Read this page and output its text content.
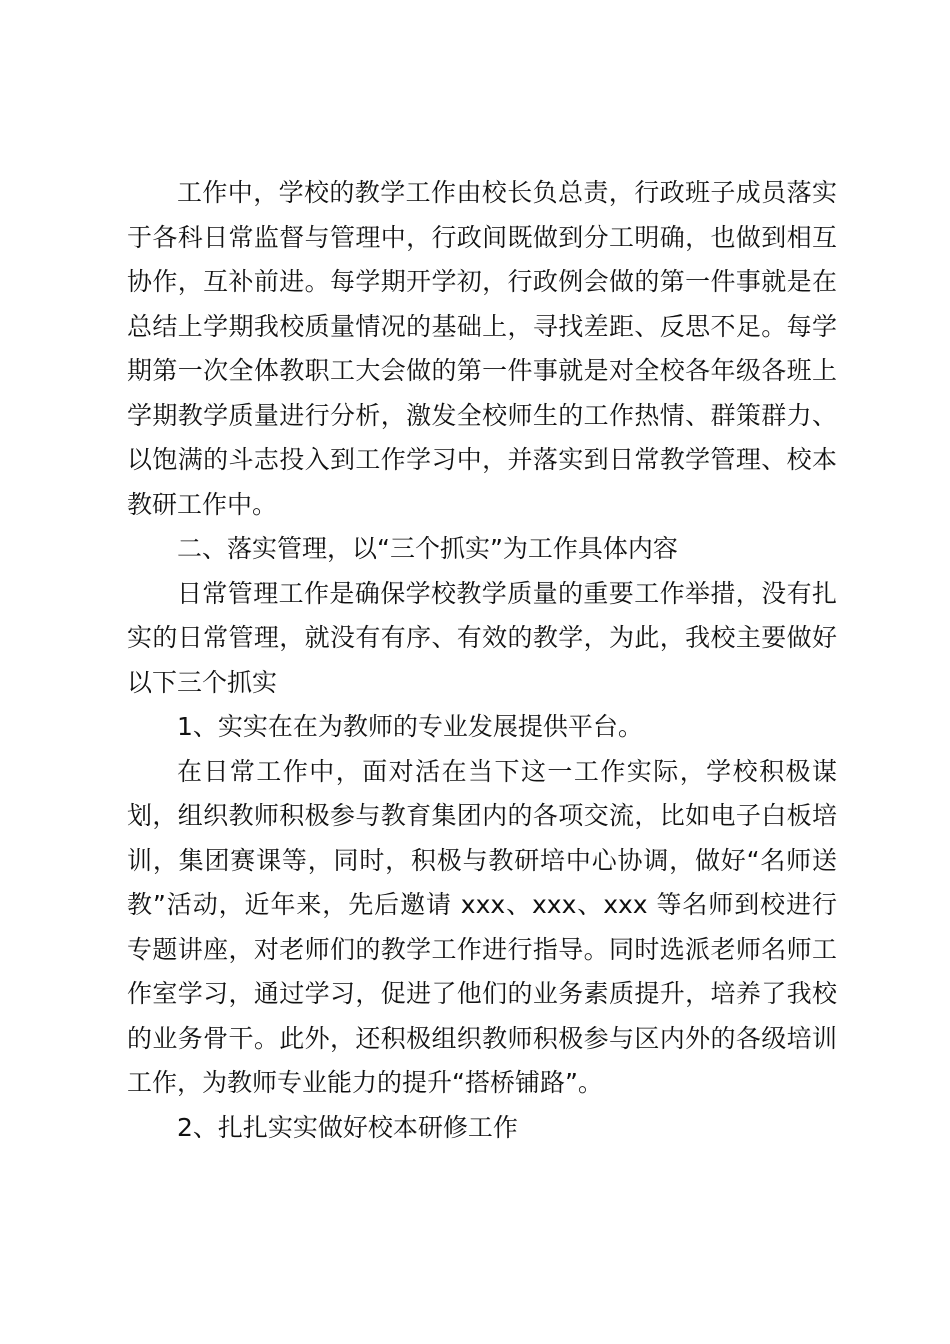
工作中，学校的教学工作由校长负总责，行政班子成员落实于各科日常监督与管理中，行政间既做到分工明确，也做到相互协作，互补前进。每学期开学初，行政例会做的第一件事就是在总结上学期我校质量情况的基础上，寻找差距、反思不足。每学期第一次全体教职工大会做的第一件事就是对全校各年级各班上学期教学质量进行分析，激发全校师生的工作热情、群策群力、以饱满的斗志投入到工作学习中，并落实到日常教学管理、校本教研工作中。

二、落实管理，以“三个抓实”为工作具体内容

日常管理工作是确保学校教学质量的重要工作举措，没有扎实的日常管理，就没有有序、有效的教学，为此，我校主要做好以下三个抓实

1、实实在在为教师的专业发展提供平台。

在日常工作中，面对活在当下这一工作实际，学校积极谋划，组织教师积极参与教育集团内的各项交流，比如电子白板培训，集团赛课等，同时，积极与教研培中心协调，做好“名师送教”活动，近年来，先后邀请 xxx、xxx、xxx 等名师到校进行专题讲座，对老师们的教学工作进行指导。同时选派老师名师工作室学习，通过学习，促进了他们的业务素质提升，培养了我校的业务骨干。此外，还积极组织教师积极参与区内外的各级培训工作，为教师专业能力的提升“搭桥铺路”。

2、扎扎实实做好校本研修工作
